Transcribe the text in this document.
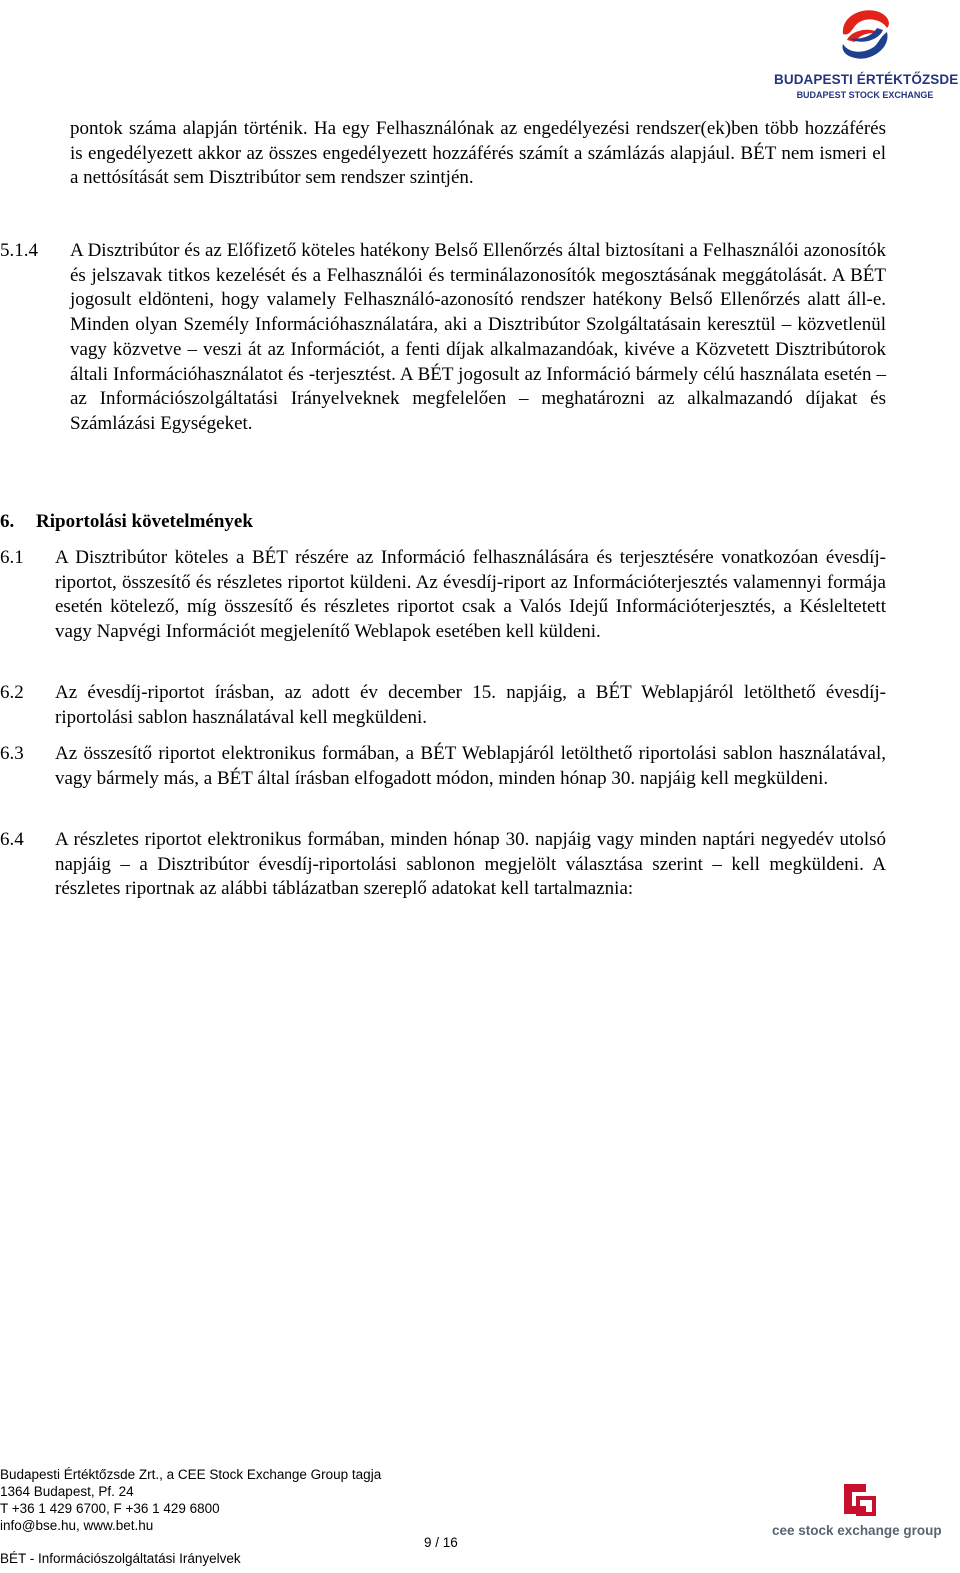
BUDAPESTI ÉRTÉKTŐZSDE
BUDAPEST STOCK EXCHANGE

pontok száma alapján történik. Ha egy Felhasználónak az engedélyezési rendszer(ek)ben több hozzáférés is engedélyezett akkor az összes engedélyezett hozzáférés számít a számlázás alapjául. BÉT nem ismeri el a nettósítását sem Disztribútor sem rendszer szintjén.

5.1.4 A Disztribútor és az Előfizető köteles hatékony Belső Ellenőrzés által biztosítani a Felhasználói azonosítók és jelszavak titkos kezelését és a Felhasználói és terminálazonosítók megosztásának meggátolását. A BÉT jogosult eldönteni, hogy valamely Felhasználó-azonosító rendszer hatékony Belső Ellenőrzés alatt áll-e. Minden olyan Személy Információhasználatára, aki a Disztribútor Szolgáltatásain keresztül – közvetlenül vagy közvetve – veszi át az Információt, a fenti díjak alkalmazandóak, kivéve a Közvetett Disztribútorok általi Információhasználatot és -terjesztést. A BÉT jogosult az Információ bármely célú használata esetén – az Információszolgáltatási Irányelveknek megfelelően – meghatározni az alkalmazandó díjakat és Számlázási Egységeket.

6. Riportolási követelmények
6.1 A Disztribútor köteles a BÉT részére az Információ felhasználására és terjesztésére vonatkozóan évesdíj-riportot, összesítő és részletes riportot küldeni. Az évesdíj-riport az Információterjesztés valamennyi formája esetén kötelező, míg összesítő és részletes riportot csak a Valós Idejű Információterjesztés, a Késleltetett vagy Napvégi Információt megjelenítő Weblapok esetében kell küldeni.

6.2 Az évesdíj-riportot írásban, az adott év december 15. napjáig, a BÉT Weblapjáról letölthető évesdíj-riportolási sablon használatával kell megküldeni.

6.3 Az összesítő riportot elektronikus formában, a BÉT Weblapjáról letölthető riportolási sablon használatával, vagy bármely más, a BÉT által írásban elfogadott módon, minden hónap 30. napjáig kell megküldeni.

6.4 A részletes riportot elektronikus formában, minden hónap 30. napjáig vagy minden naptári negyedév utolsó napjáig – a Disztribútor évesdíj-riportolási sablonon megjelölt választása szerint – kell megküldeni. A részletes riportnak az alábbi táblázatban szereplő adatokat kell tartalmaznia:

Budapesti Értéktőzsde Zrt., a CEE Stock Exchange Group tagja
1364 Budapest, Pf. 24
T +36 1 429 6700, F +36 1 429 6800
info@bse.hu, www.bet.hu
BÉT - Információszolgáltatási Irányelvek
9 / 16
cee stock exchange group
